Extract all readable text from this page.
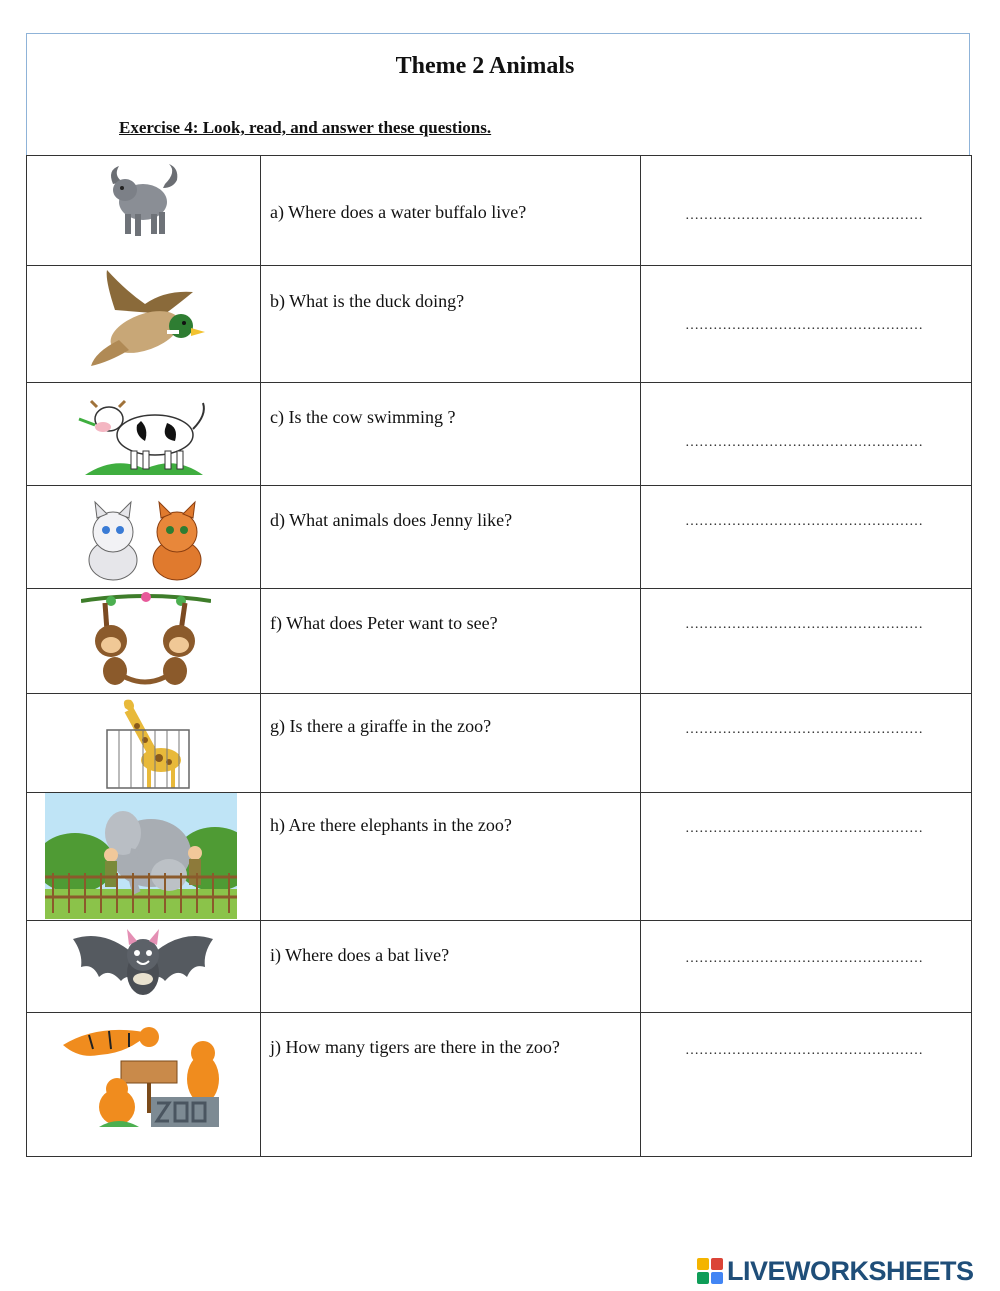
Theme 2 Animals
Exercise 4: Look, read, and answer these questions.

a) Where does a water buffalo live?	……………………………………………

b) What is the duck doing?	……………………………………………

c) Is the cow swimming ?	……………………………………………

d) What animals does Jenny like?	……………………………………………

f) What does Peter want to see?	……………………………………………

g) Is there a giraffe in the zoo?	……………………………………………

h) Are there elephants in the zoo?	……………………………………………

i) Where does a bat live?	……………………………………………

j) How many tigers are there in the zoo?	……………………………………………
LIVEWORKSHEETS
